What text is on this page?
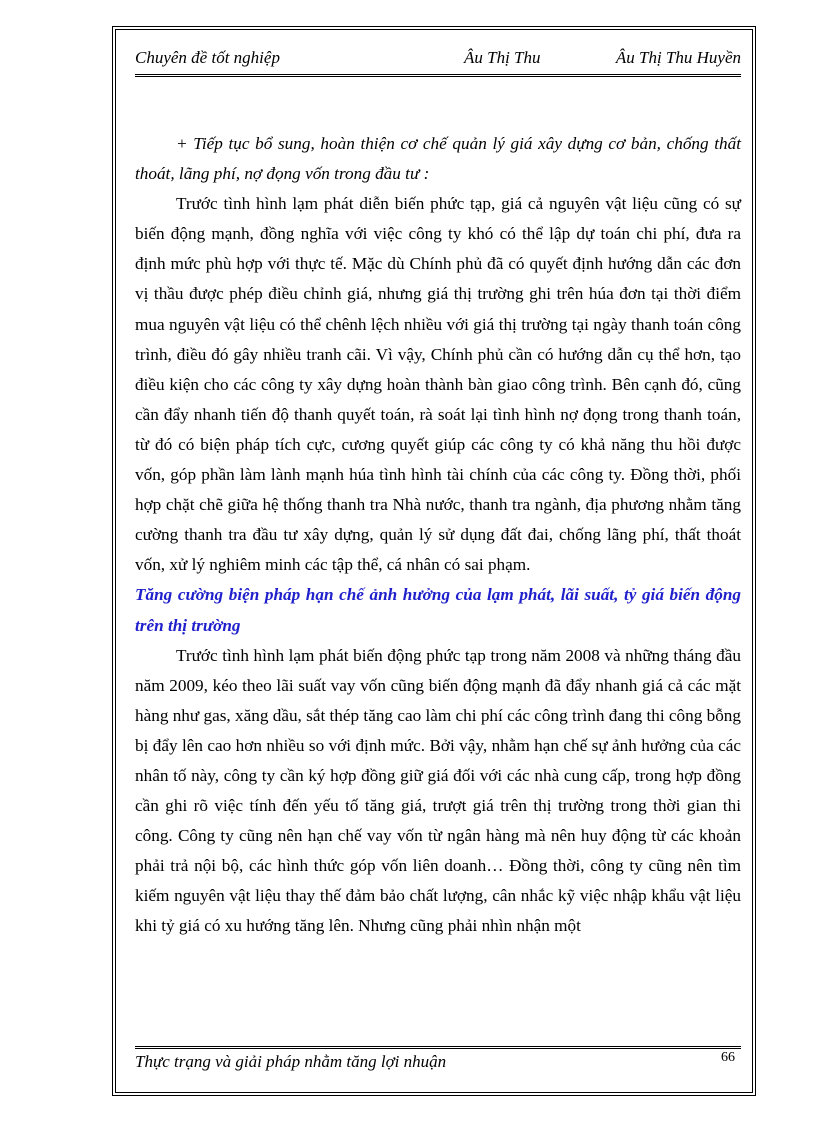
Chuyên đề tốt nghiệp	Âu Thị Thu	Âu Thị Thu Huyền

+ Tiếp tục bổ sung, hoàn thiện cơ chế quản lý giá xây dựng cơ bản, chống thất thoát, lãng phí, nợ đọng vốn trong đầu tư :

Trước tình hình lạm phát diễn biến phức tạp, giá cả nguyên vật liệu cũng có sự biến động mạnh, đồng nghĩa với việc công ty khó có thể lập dự toán chi phí, đưa ra định mức phù hợp với thực tế. Mặc dù Chính phủ đã có quyết định hướng dẫn các đơn vị thầu được phép điều chỉnh giá, nhưng giá thị trường ghi trên húa đơn tại thời điểm mua nguyên vật liệu có thể chênh lệch nhiều với giá thị trường tại ngày thanh toán công trình, điều đó gây nhiều tranh cãi. Vì vậy, Chính phủ cần có hướng dẫn cụ thể hơn, tạo điều kiện cho các công ty xây dựng hoàn thành bàn giao công trình. Bên cạnh đó, cũng cần đẩy nhanh tiến độ thanh quyết toán, rà soát lại tình hình nợ đọng trong thanh toán, từ đó có biện pháp tích cực, cương quyết giúp các công ty có khả năng thu hồi được vốn, góp phần làm lành mạnh húa tình hình tài chính của các công ty. Đồng thời, phối hợp chặt chẽ giữa hệ thống thanh tra Nhà nước, thanh tra ngành, địa phương nhằm tăng cường thanh tra đầu tư xây dựng, quản lý sử dụng đất đai, chống lãng phí, thất thoát vốn, xử lý nghiêm minh các tập thể, cá nhân có sai phạm.

Tăng cường biện pháp hạn chế ảnh hưởng của lạm phát, lãi suất, tỷ giá biến động trên thị trường

Trước tình hình lạm phát biến động phức tạp trong năm 2008 và những tháng đầu năm 2009, kéo theo lãi suất vay vốn cũng biến động mạnh đã đẩy nhanh giá cả các mặt hàng như gas, xăng dầu, sắt thép tăng cao làm chi phí các công trình đang thi công bỗng bị đẩy lên cao hơn nhiều so với định mức. Bởi vậy, nhằm hạn chế sự ảnh hưởng của các nhân tố này, công ty cần ký hợp đồng giữ giá đối với các nhà cung cấp, trong hợp đồng cần ghi rõ việc tính đến yếu tố tăng giá, trượt giá trên thị trường trong thời gian thi công. Công ty cũng nên hạn chế vay vốn từ ngân hàng mà nên huy động từ các khoản phải trả nội bộ, các hình thức góp vốn liên doanh… Đồng thời, công ty cũng nên tìm kiếm nguyên vật liệu thay thế đảm bảo chất lượng, cân nhắc kỹ việc nhập khẩu vật liệu khi tỷ giá có xu hướng tăng lên. Nhưng cũng phải nhìn nhận một

Thực trạng và giải pháp nhằm tăng lợi nhuận	66
